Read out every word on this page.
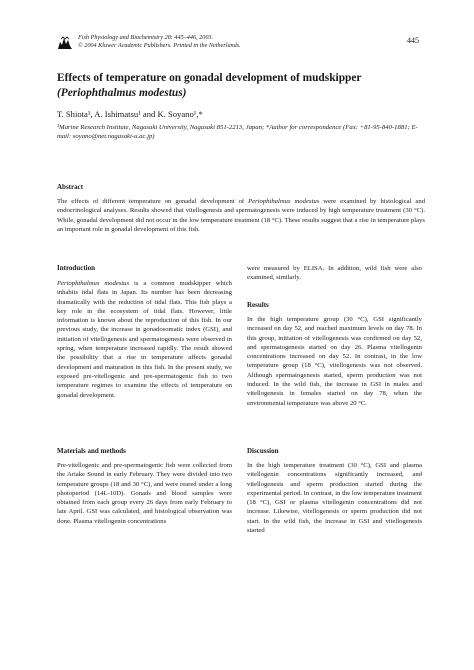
Fish Physiology and Biochemistry 28: 445–446, 2003.
© 2004 Kluwer Academic Publishers. Printed in the Netherlands.
445
Effects of temperature on gonadal development of mudskipper
(Periophthalmus modestus)
T. Shiota¹, A. Ishimatsu¹ and K. Soyano¹,*
¹Marine Research Institute, Nagasaki University, Nagasaki 851-2213, Japan; *Author for correspondence (Fax: +81-95-840-1881; E-mail: soyano@net.nagasaki-u.ac.jp)
Abstract
The effects of different temperature on gonadal development of Periophthalmus modestus were examined by histological and endocrinological analyses. Results showed that vitellogenesis and spermatogenesis were induced by high temperature treatment (30 °C). While, gonadal development did not occur in the low temperature treatment (18 °C). These results suggest that a rise in temperature plays an important role in gonadal development of this fish.
Introduction
Periophthalmus modestus is a common mudskipper which inhabits tidal flats in Japan. Its number has been decreasing dramatically with the reduction of tidal flats. This fish plays a key role in the ecosystem of tidal flats. However, little information is known about the reproduction of this fish. In our previous study, the increase in gonadosomatic index (GSI), and initiation of vitellogenesis and spermatogenesis were observed in spring, when temperature increased rapidly. The result showed the possibility that a rise in temperature affects gonadal development and maturation in this fish. In the present study, we exposed pre-vitellogenic and pre-spermatogenic fish to two temperature regimes to examine the effects of temperature on gonadal development.
Materials and methods
Pre-vitellogenic and pre-spermatogenic fish were collected from the Ariake Sound in early February. They were divided into two temperature groups (18 and 30 °C), and were reared under a long photoperiod (14L-10D). Gonads and blood samples were obtained from each group every 26 days from early February to late April. GSI was calculated, and histological observation was done. Plasma vitellogenin concentrations
were measured by ELISA. In addition, wild fish were also examined, similarly.
Results
In the high temperature group (30 °C), GSI significantly increased on day 52, and reached maximum levels on day 78. In this group, initiation of vitellogenesis was confirmed on day 52, and spermatogenesis started on day 26. Plasma vitellogenin concentrations increased on day 52. In contrast, in the low temperature group (18 °C), vitellogenesis was not observed. Although spermatogenesis started, sperm production was not induced. In the wild fish, the increase in GSI in males and vitellogenesis in females started on day 78, when the environmental temperature was above 20 °C.
Discussion
In the high temperature treatment (30 °C), GSI and plasma vitellogenin concentrations significantly increased, and vitellogenesis and sperm production started during the experimental period. In contrast, in the low temperature treatment (18 °C), GSI or plasma vitellogenin concentrations did not increase. Likewise, vitellogenesis or sperm production did not start. In the wild fish, the increase in GSI and vitellogenesis started
